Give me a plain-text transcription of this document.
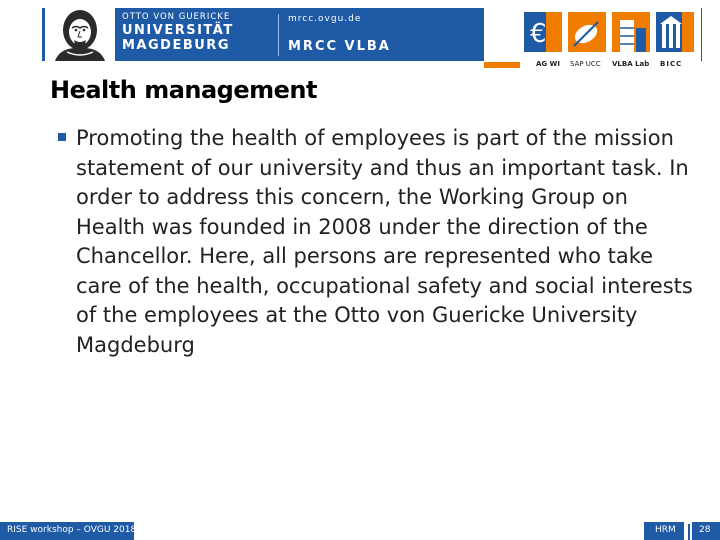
OTTO VON GUERICKE
UNIVERSITÄT
MAGDEBURG
mrcc.ovgu.de
MRCC VLBA	€
AG WI SAP UCC VLBA Lab BICC
Health management
Promoting the health of employees is part of the mission statement of our university and thus an important task. In order to address this concern, the Working Group on Health was founded in 2008 under the direction of the Chancellor. Here, all persons are represented who take care of the health, occupational safety and social interests of the employees at the Otto von Guericke University Magdeburg
RISE workshop – OVGU 2018	HRM	28
